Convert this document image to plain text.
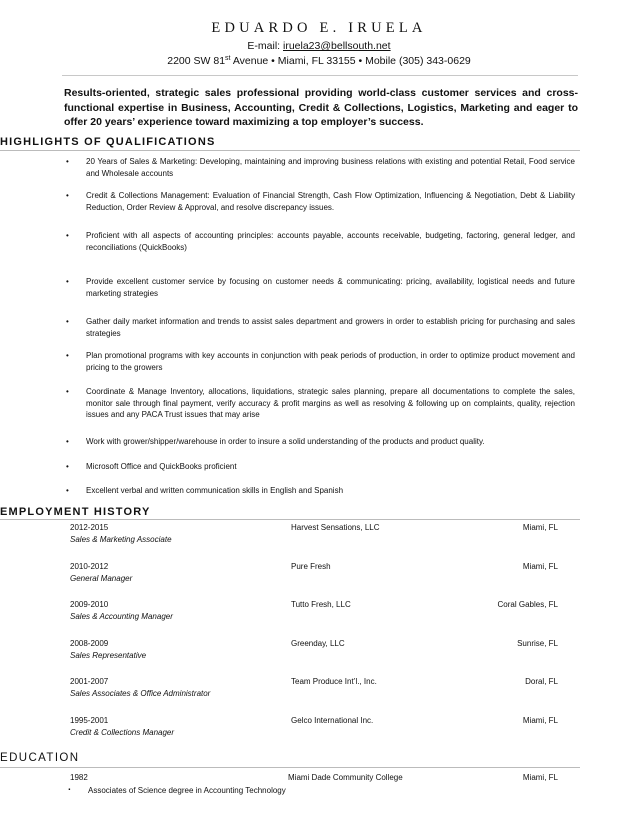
EDUARDO E. IRUELA
E-mail: iruela23@bellsouth.net
2200 SW 81st Avenue • Miami, FL 33155 • Mobile (305) 343-0629
Results-oriented, strategic sales professional providing world-class customer services and cross-functional expertise in Business, Accounting, Credit & Collections, Logistics, Marketing and eager to offer 20 years’ experience toward maximizing a top employer’s success.
HIGHLIGHTS OF QUALIFICATIONS
• 20 Years of Sales & Marketing: Developing, maintaining and improving business relations with existing and potential Retail, Food service and Wholesale accounts
• Credit & Collections Management: Evaluation of Financial Strength, Cash Flow Optimization, Influencing & Negotiation, Debt & Liability Reduction, Order Review & Approval, and resolve discrepancy issues.
• Proficient with all aspects of accounting principles: accounts payable, accounts receivable, budgeting, factoring, general ledger, and reconciliations (QuickBooks)
• Provide excellent customer service by focusing on customer needs & communicating: pricing, availability, logistical needs and future marketing strategies
• Gather daily market information and trends to assist sales department and growers in order to establish pricing for purchasing and sales strategies
• Plan promotional programs with key accounts in conjunction with peak periods of production, in order to optimize product movement and pricing to the growers
• Coordinate & Manage Inventory, allocations, liquidations, strategic sales planning, prepare all documentations to complete the sales, monitor sale through final payment, verify accuracy & profit margins as well as resolving & following up on complaints, quality, rejection issues and any PACA Trust issues that may arise
• Work with grower/shipper/warehouse in order to insure a solid understanding of the products and product quality.
• Microsoft Office and QuickBooks proficient
• Excellent verbal and written communication skills in English and Spanish
EMPLOYMENT HISTORY
2012-2015	Harvest Sensations, LLC	Miami, FL
Sales & Marketing Associate
2010-2012	Pure Fresh	Miami, FL
General Manager
2009-2010	Tutto Fresh, LLC	Coral Gables, FL
Sales & Accounting Manager
2008-2009	Greenday, LLC	Sunrise, FL
Sales Representative
2001-2007	Team Produce Int’l., Inc.	Doral, FL
Sales Associates & Office Administrator
1995-2001	Gelco International Inc.	Miami, FL
Credit & Collections Manager
EDUCATION
1982	Miami Dade Community College	Miami, FL
. Associates of Science degree in Accounting Technology
